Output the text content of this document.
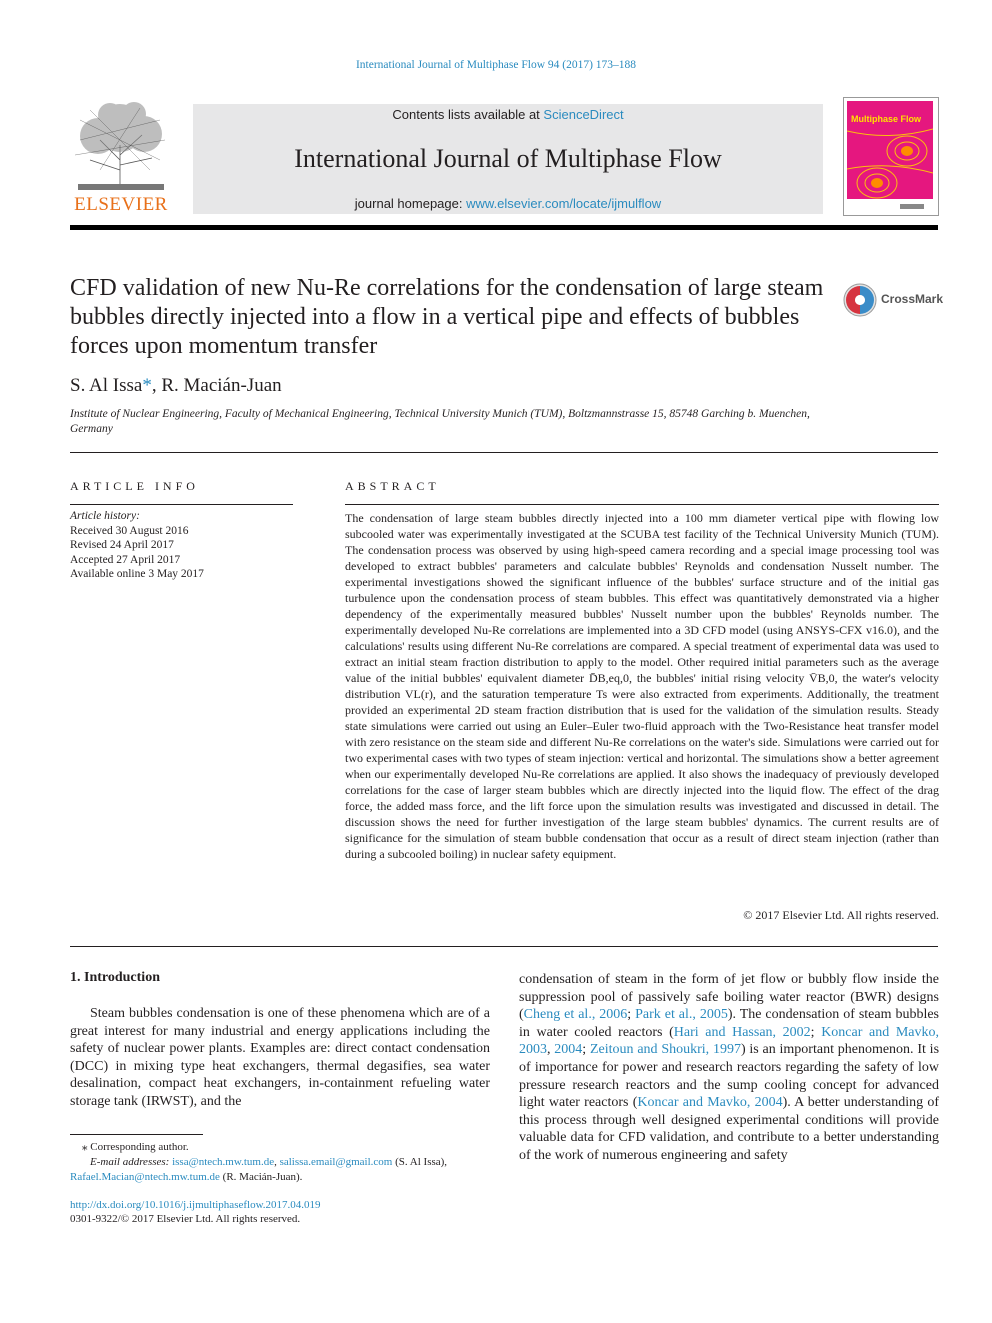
International Journal of Multiphase Flow 94 (2017) 173–188
ELSEVIER
Contents lists available at ScienceDirect
International Journal of Multiphase Flow
journal homepage: www.elsevier.com/locate/ijmulflow
Multiphase Flow
CFD validation of new Nu-Re correlations for the condensation of large steam bubbles directly injected into a flow in a vertical pipe and effects of bubbles forces upon momentum transfer
CrossMark
S. Al Issa*, R. Macián-Juan
Institute of Nuclear Engineering, Faculty of Mechanical Engineering, Technical University Munich (TUM), Boltzmannstrasse 15, 85748 Garching b. Muenchen, Germany
ARTICLE INFO
Article history:
Received 30 August 2016
Revised 24 April 2017
Accepted 27 April 2017
Available online 3 May 2017
ABSTRACT
The condensation of large steam bubbles directly injected into a 100 mm diameter vertical pipe with flowing low subcooled water was experimentally investigated at the SCUBA test facility of the Technical University Munich (TUM). The condensation process was observed by using high-speed camera recording and a special image processing tool was developed to extract bubbles' parameters and calculate bubbles' Reynolds and condensation Nusselt number. The experimental investigations showed the significant influence of the bubbles' surface structure and of the initial gas turbulence upon the condensation process of steam bubbles. This effect was quantitatively demonstrated via a higher dependency of the experimentally measured bubbles' Nusselt number upon the bubbles' Reynolds number. The experimentally developed Nu-Re correlations are implemented into a 3D CFD model (using ANSYS-CFX v16.0), and the calculations' results using different Nu-Re correlations are compared. A special treatment of experimental data was used to extract an initial steam fraction distribution to apply to the model. Other required initial parameters such as the average value of the initial bubbles' equivalent diameter D̄B,eq,0, the bubbles' initial rising velocity V̄B,0, the water's velocity distribution VL(r), and the saturation temperature Ts were also extracted from experiments. Additionally, the treatment provided an experimental 2D steam fraction distribution that is used for the validation of the simulation results. Steady state simulations were carried out using an Euler–Euler two-fluid approach with the Two-Resistance heat transfer model with zero resistance on the steam side and different Nu-Re correlations on the water's side. Simulations were carried out for two experimental cases with two types of steam injection: vertical and horizontal. The simulations show a better agreement when our experimentally developed Nu-Re correlations are applied. It also shows the inadequacy of previously developed correlations for the case of larger steam bubbles which are directly injected into the liquid flow. The effect of the drag force, the added mass force, and the lift force upon the simulation results was investigated and discussed in detail. The discussion shows the need for further investigation of the large steam bubbles' dynamics. The current results are of significance for the simulation of steam bubble condensation that occur as a result of direct steam injection (rather than during a subcooled boiling) in nuclear safety equipment.
© 2017 Elsevier Ltd. All rights reserved.
1. Introduction
Steam bubbles condensation is one of these phenomena which are of a great interest for many industrial and energy applications including the safety of nuclear power plants. Examples are: direct contact condensation (DCC) in mixing type heat exchangers, thermal degasifies, sea water desalination, compact heat exchangers, in-containment refueling water storage tank (IRWST), and the
condensation of steam in the form of jet flow or bubbly flow inside the suppression pool of passively safe boiling water reactor (BWR) designs (Cheng et al., 2006; Park et al., 2005). The condensation of steam bubbles in water cooled reactors (Hari and Hassan, 2002; Koncar and Mavko, 2003, 2004; Zeitoun and Shoukri, 1997) is an important phenomenon. It is of importance for power and research reactors regarding the safety of low pressure research reactors and the sump cooling concept for advanced light water reactors (Koncar and Mavko, 2004). A better understanding of this process through well designed experimental conditions will provide valuable data for CFD validation, and contribute to a better understanding of the work of numerous engineering and safety
⁎ Corresponding author.
E-mail addresses: issa@ntech.mw.tum.de, salissa.email@gmail.com (S. Al Issa),
Rafael.Macian@ntech.mw.tum.de (R. Macián-Juan).
http://dx.doi.org/10.1016/j.ijmultiphaseflow.2017.04.019
0301-9322/© 2017 Elsevier Ltd. All rights reserved.
